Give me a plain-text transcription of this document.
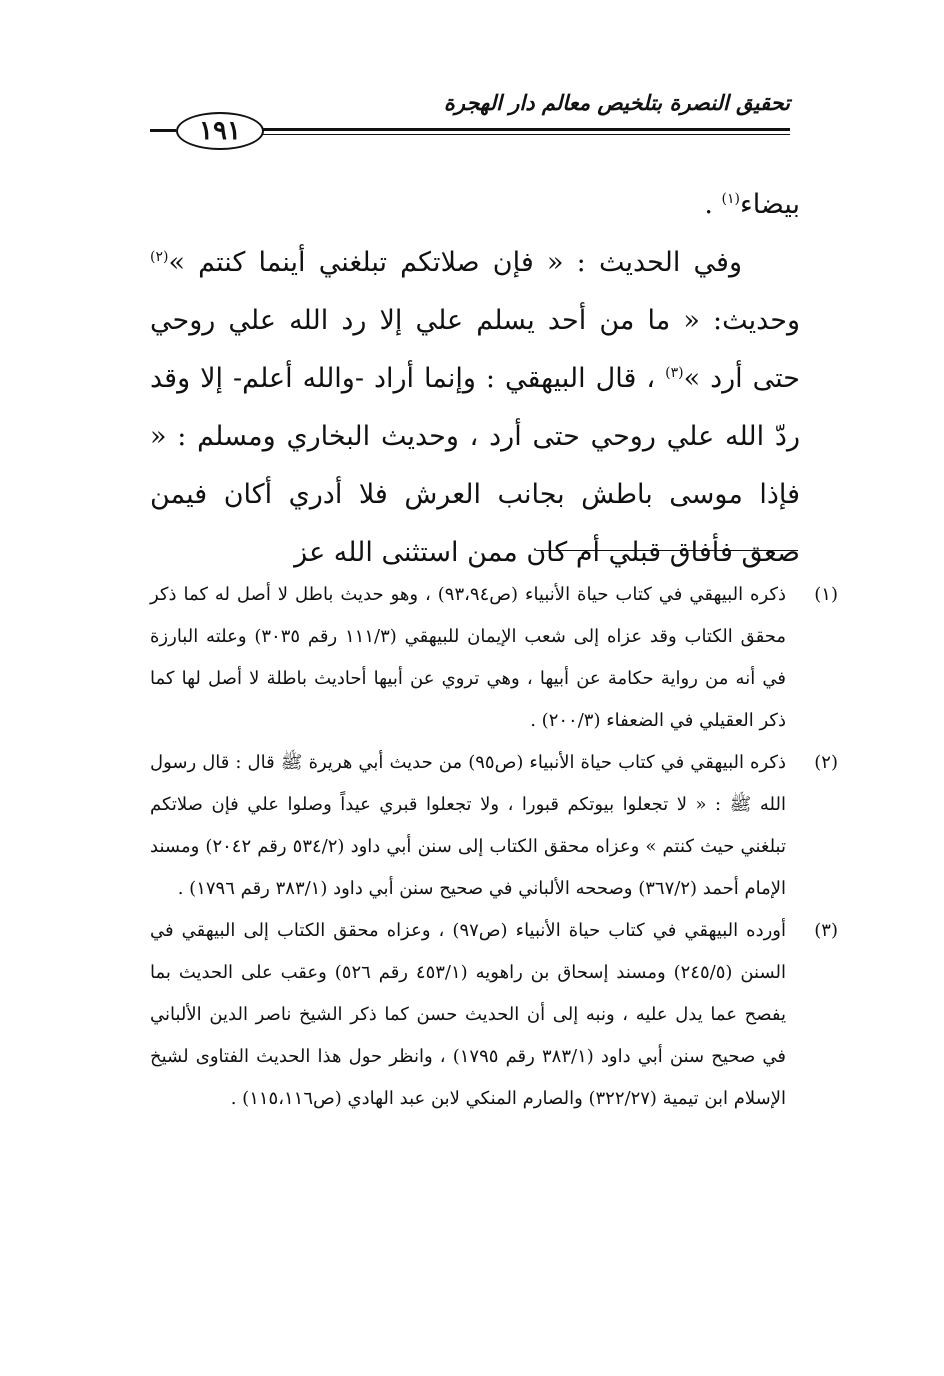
تحقيق النصرة بتلخيص معالم دار الهجرة
١٩١

بيضاء$^{(١)}$ .

وفي الحديث : « فإن صلاتكم تبلغني أينما كنتم »$^{(٢)}$ وحديث: « ما من أحد يسلم علي إلا رد الله علي روحي حتى أرد »$^{(٣)}$ ، قال البيهقي : وإنما أراد -والله أعلم- إلا وقد ردّ الله علي روحي حتى أرد ، وحديث البخاري ومسلم : « فإذا موسى باطش بجانب العرش فلا أدري أكان فيمن صعق فأفاق قبلي أم كان ممن استثنى الله عز

(١)
ذكره البيهقي في كتاب حياة الأنبياء (ص٩٣،٩٤) ، وهو حديث باطل لا أصل له كما ذكر محقق الكتاب وقد عزاه إلى شعب الإيمان للبيهقي (١١١/٣ رقم ٣٠٣٥) وعلته البارزة في أنه من رواية حكامة عن أبيها ، وهي تروي عن أبيها أحاديث باطلة لا أصل لها كما ذكر العقيلي في الضعفاء (٢٠٠/٣) .
(٢)
ذكره البيهقي في كتاب حياة الأنبياء (ص٩٥) من حديث أبي هريرة ﷺ قال : قال رسول الله ﷺ : « لا تجعلوا بيوتكم قبورا ، ولا تجعلوا قبري عيداً وصلوا علي فإن صلاتكم تبلغني حيث كنتم » وعزاه محقق الكتاب إلى سنن أبي داود (٥٣٤/٢ رقم ٢٠٤٢) ومسند الإمام أحمد (٣٦٧/٢) وصححه الألباني في صحيح سنن أبي داود (٣٨٣/١ رقم ١٧٩٦) .
(٣)
أورده البيهقي في كتاب حياة الأنبياء (ص٩٧) ، وعزاه محقق الكتاب إلى البيهقي في السنن (٢٤٥/٥) ومسند إسحاق بن راهويه (٤٥٣/١ رقم ٥٢٦) وعقب على الحديث بما يفصح عما يدل عليه ، ونبه إلى أن الحديث حسن كما ذكر الشيخ ناصر الدين الألباني في صحيح سنن أبي داود (٣٨٣/١ رقم ١٧٩٥) ، وانظر حول هذا الحديث الفتاوى لشيخ الإسلام ابن تيمية (٣٢٢/٢٧) والصارم المنكي لابن عبد الهادي (ص١١٥،١١٦) .
